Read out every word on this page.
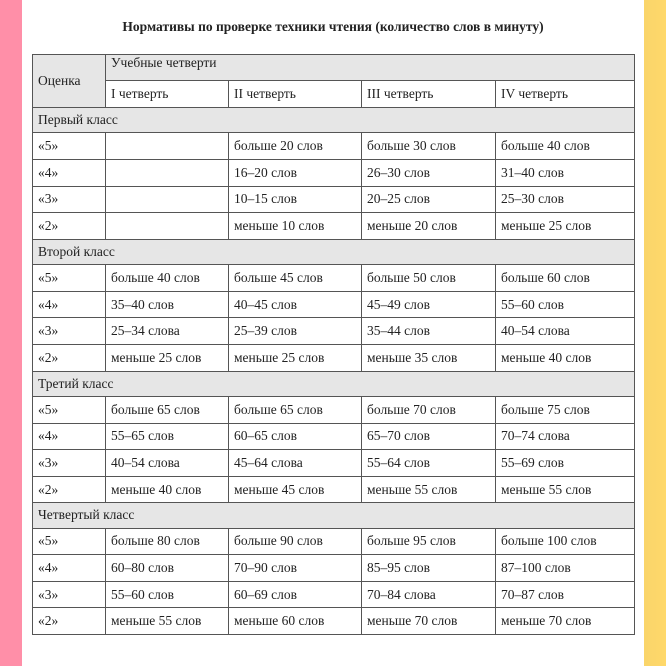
Нормативы по проверке техники чтения (количество слов в минуту)
Оценка	Учебные четверти			
	I четверть	II четверть	III четверть	IV четверть
Первый класс				
«5»		больше 20 слов	больше 30 слов	больше 40 слов
«4»		16–20 слов	26–30 слов	31–40 слов
«3»		10–15 слов	20–25 слов	25–30 слов
«2»		меньше 10 слов	меньше 20 слов	меньше 25 слов
Второй класс				
«5»	больше 40 слов	больше 45 слов	больше 50 слов	больше 60 слов
«4»	35–40 слов	40–45 слов	45–49 слов	55–60 слов
«3»	25–34 слова	25–39 слов	35–44 слов	40–54 слова
«2»	меньше 25 слов	меньше 25 слов	меньше 35 слов	меньше 40 слов
Третий класс				
«5»	больше 65 слов	больше 65 слов	больше 70 слов	больше 75 слов
«4»	55–65 слов	60–65 слов	65–70 слов	70–74 слова
«3»	40–54 слова	45–64 слова	55–64 слов	55–69 слов
«2»	меньше 40 слов	меньше 45 слов	меньше 55 слов	меньше 55 слов
Четвертый класс				
«5»	больше 80 слов	больше 90 слов	больше 95 слов	больше 100 слов
«4»	60–80 слов	70–90 слов	85–95 слов	87–100 слов
«3»	55–60 слов	60–69 слов	70–84 слова	70–87 слов
«2»	меньше 55 слов	меньше 60 слов	меньше 70 слов	меньше 70 слов
